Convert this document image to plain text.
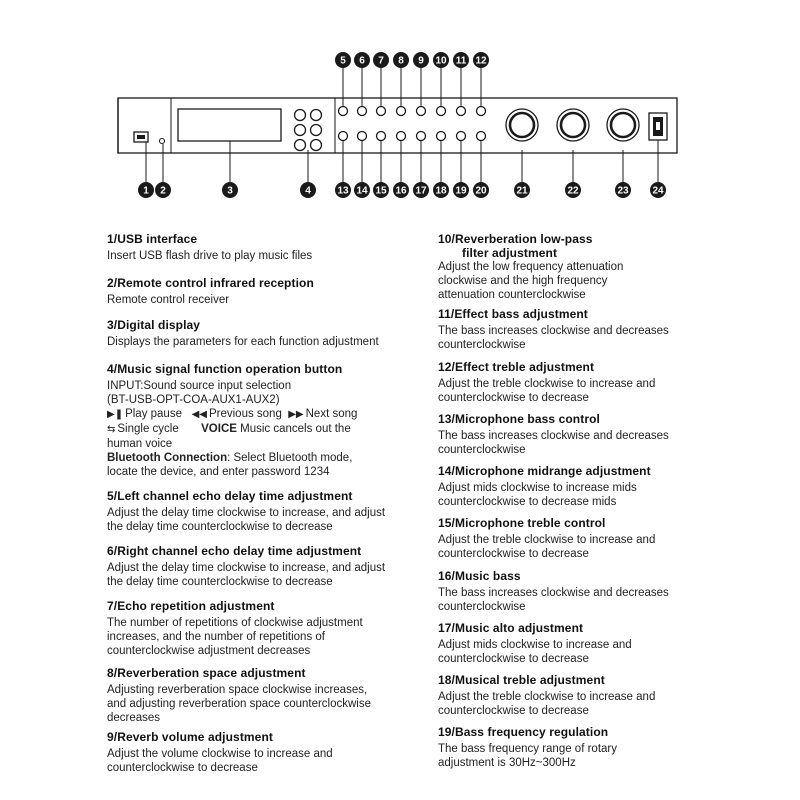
5 6 7 8 9 10 11 12
1 2	3	4	13 14 15 16 17 18 19 20	21	22	23 24
1/USB interface

Insert USB flash drive to play music files

2/Remote control infrared reception

Remote control receiver

3/Digital display

Displays the parameters for each function adjustment

4/Music signal function operation button

INPUT:Sound source input selection

(BT-USB-OPT-COA-AUX1-AUX2)

▶❚ Play pause ◀◀ Previous song ▶▶ Next song

⇆ Single cycle VOICE Music cancels out the

human voice

Bluetooth Connection: Select Bluetooth mode,

locate the device, and enter password 1234

5/Left channel echo delay time adjustment

Adjust the delay time clockwise to increase, and adjust

the delay time counterclockwise to decrease

6/Right channel echo delay time adjustment

Adjust the delay time clockwise to increase, and adjust

the delay time counterclockwise to decrease

7/Echo repetition adjustment

The number of repetitions of clockwise adjustment

increases, and the number of repetitions of

counterclockwise adjustment decreases

8/Reverberation space adjustment

Adjusting reverberation space clockwise increases,

and adjusting reverberation space counterclockwise

decreases

9/Reverb volume adjustment

Adjust the volume clockwise to increase and

counterclockwise to decrease

10/Reverberation low-pass
filter adjustment

Adjust the low frequency attenuation

clockwise and the high frequency

attenuation counterclockwise

11/Effect bass adjustment

The bass increases clockwise and decreases

counterclockwise

12/Effect treble adjustment

Adjust the treble clockwise to increase and

counterclockwise to decrease

13/Microphone bass control

The bass increases clockwise and decreases

counterclockwise

14/Microphone midrange adjustment

Adjust mids clockwise to increase mids

counterclockwise to decrease mids

15/Microphone treble control

Adjust the treble clockwise to increase and

counterclockwise to decrease

16/Music bass

The bass increases clockwise and decreases

counterclockwise

17/Music alto adjustment

Adjust mids clockwise to increase and

counterclockwise to decrease

18/Musical treble adjustment

Adjust the treble clockwise to increase and

counterclockwise to decrease

19/Bass frequency regulation

The bass frequency range of rotary

adjustment is 30Hz~300Hz
